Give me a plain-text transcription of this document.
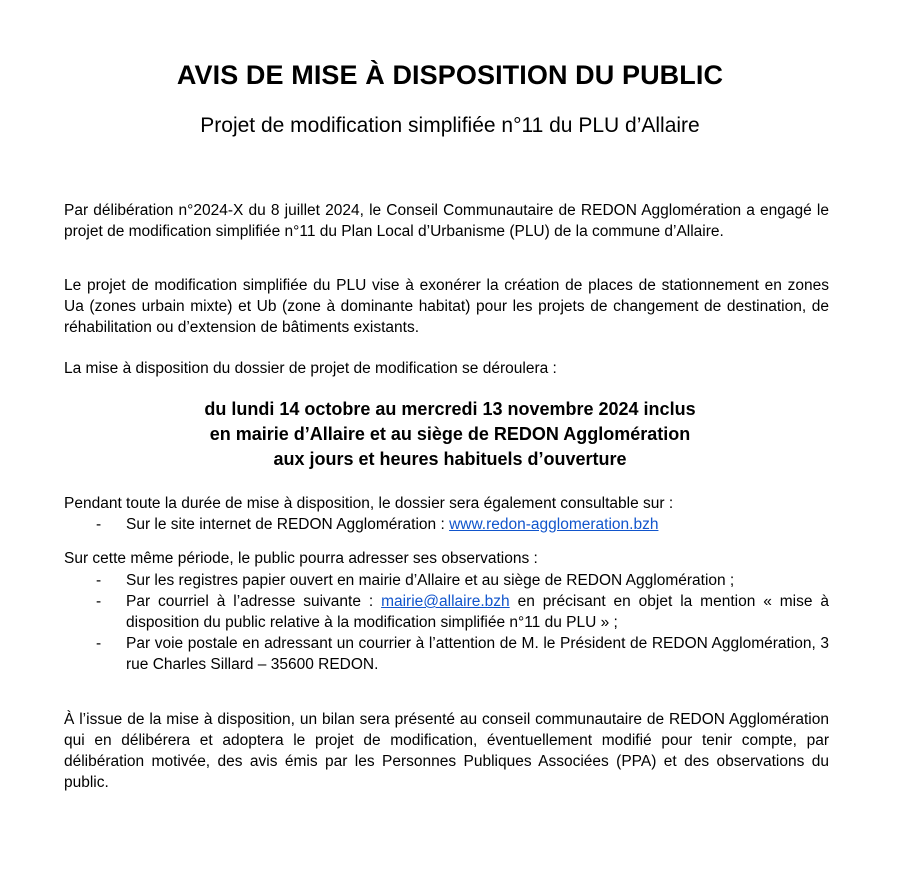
AVIS DE MISE À DISPOSITION DU PUBLIC
Projet de modification simplifiée n°11 du PLU d’Allaire

Par délibération n°2024-X du 8 juillet 2024, le Conseil Communautaire de REDON Agglomération a engagé le projet de modification simplifiée n°11 du Plan Local d’Urbanisme (PLU) de la commune d’Allaire.

Le projet de modification simplifiée du PLU vise à exonérer la création de places de stationnement en zones Ua (zones urbain mixte) et Ub (zone à dominante habitat) pour les projets de changement de destination, de réhabilitation ou d’extension de bâtiments existants.

La mise à disposition du dossier de projet de modification se déroulera :

du lundi 14 octobre au mercredi 13 novembre 2024 inclus
en mairie d’Allaire et au siège de REDON Agglomération
aux jours et heures habituels d’ouverture

Pendant toute la durée de mise à disposition, le dossier sera également consultable sur :

- Sur le site internet de REDON Agglomération : www.redon-agglomeration.bzh

Sur cette même période, le public pourra adresser ses observations :

- Sur les registres papier ouvert en mairie d’Allaire et au siège de REDON Agglomération ;
- Par courriel à l’adresse suivante : mairie@allaire.bzh en précisant en objet la mention « mise à disposition du public relative à la modification simplifiée n°11 du PLU » ;
- Par voie postale en adressant un courrier à l’attention de M. le Président de REDON Agglomération, 3 rue Charles Sillard – 35600 REDON.

À l’issue de la mise à disposition, un bilan sera présenté au conseil communautaire de REDON Agglomération qui en délibérera et adoptera le projet de modification, éventuellement modifié pour tenir compte, par délibération motivée, des avis émis par les Personnes Publiques Associées (PPA) et des observations du public.
